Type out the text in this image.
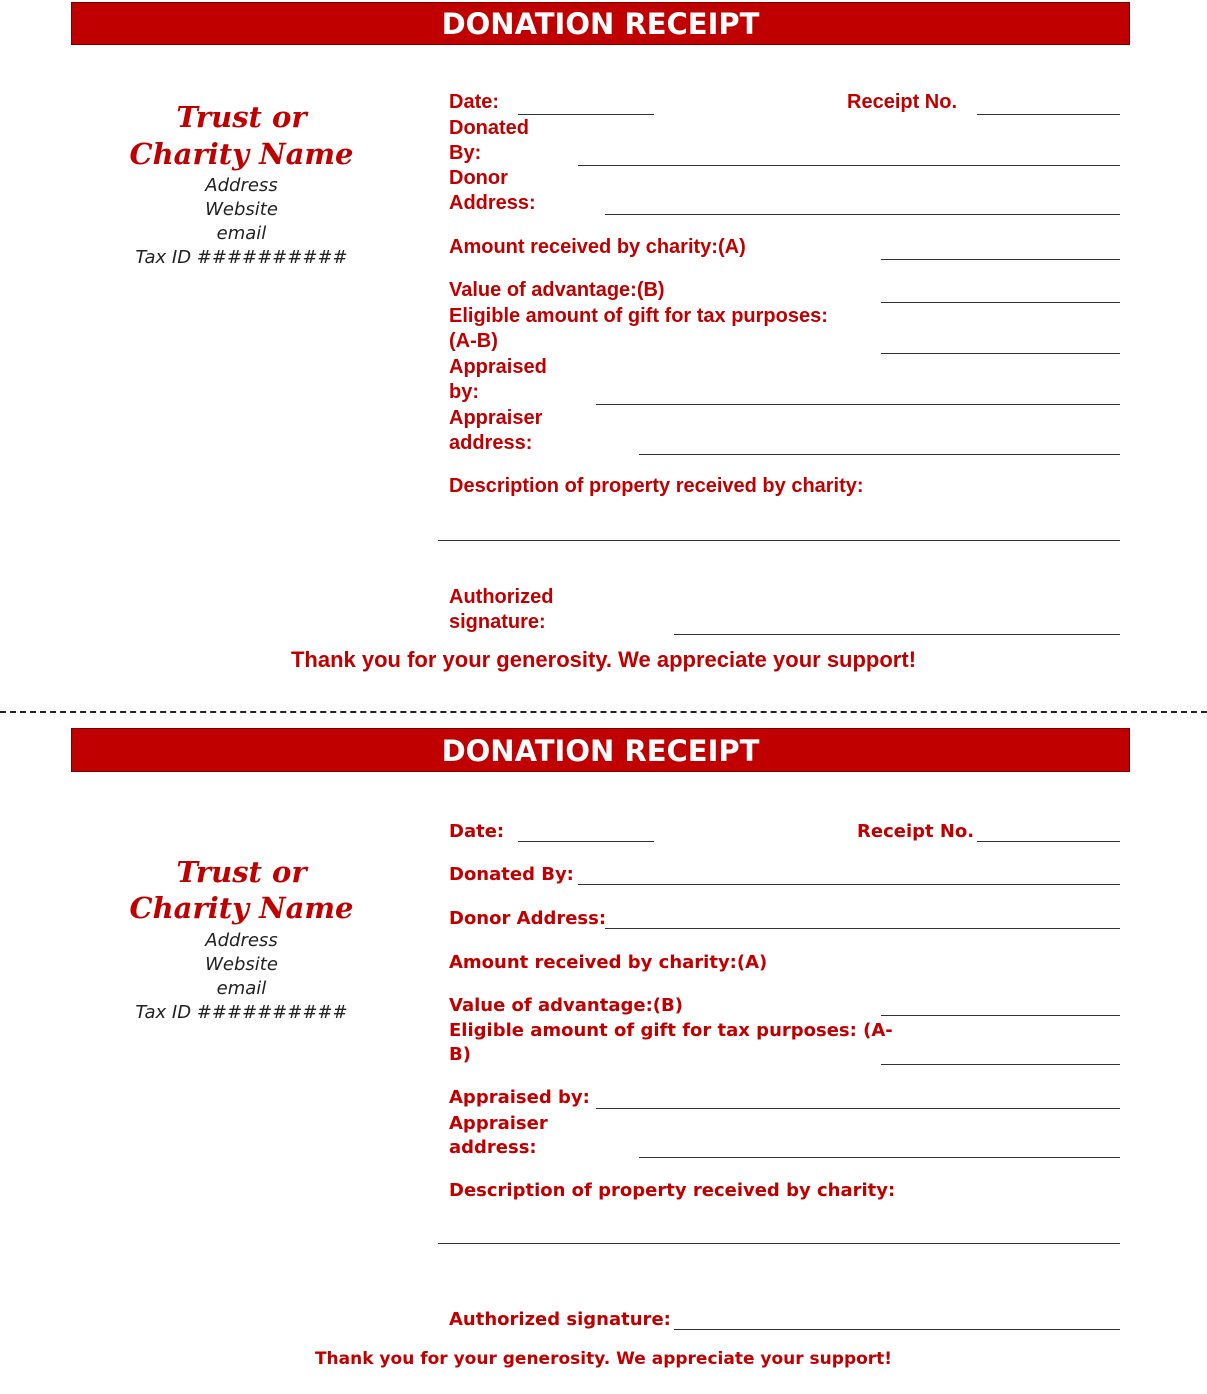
DONATION RECEIPT
Trust or
Charity Name
Address
Website
email
Tax ID ##########
Date:	Receipt No.
Donated
By:
Donor
Address:
Amount received by charity:(A)
Value of advantage:(B)
Eligible amount of gift for tax purposes:
(A-B)
Appraised
by:
Appraiser
address:
Description of property received by charity:
Authorized
signature:
Thank you for your generosity. We appreciate your support!
DONATION RECEIPT
Trust or
Charity Name
Address
Website
email
Tax ID ##########
Date:	Receipt No.
Donated By:
Donor Address:
Amount received by charity:(A)
Value of advantage:(B)
Eligible amount of gift for tax purposes: (A-
B)
Appraised by:
Appraiser
address:
Description of property received by charity:
Authorized signature:
Thank you for your generosity. We appreciate your support!
